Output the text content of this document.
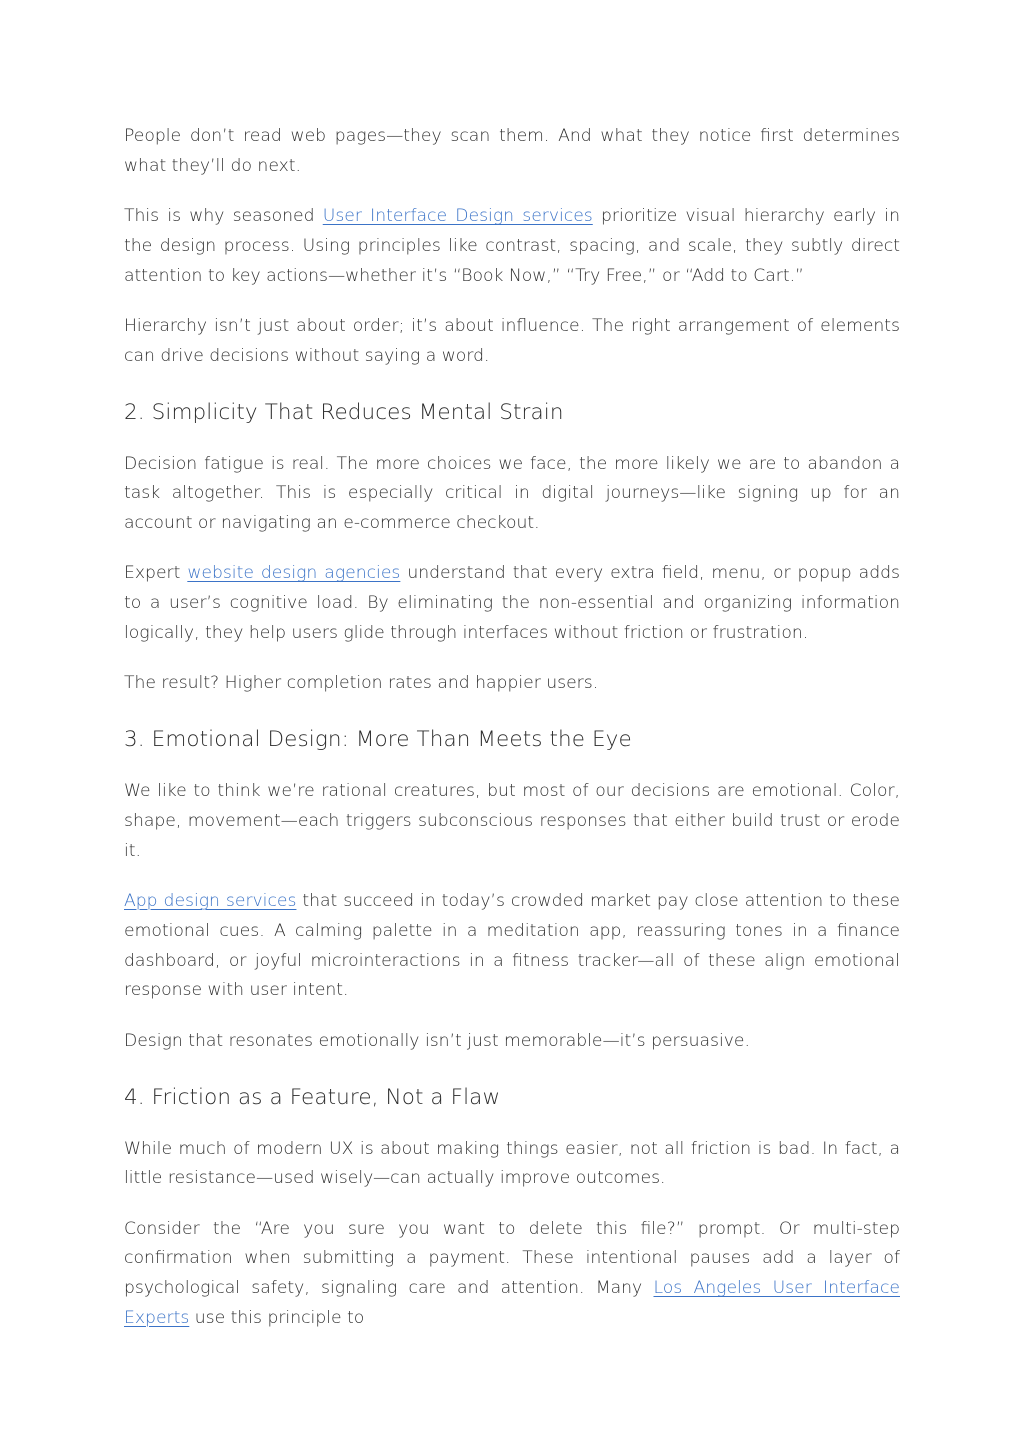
People don’t read web pages—they scan them. And what they notice first determines what they’ll do next.

This is why seasoned User Interface Design services prioritize visual hierarchy early in the design process. Using principles like contrast, spacing, and scale, they subtly direct attention to key actions—whether it’s “Book Now,” “Try Free,” or “Add to Cart.”

Hierarchy isn’t just about order; it’s about influence. The right arrangement of elements can drive decisions without saying a word.

2. Simplicity That Reduces Mental Strain

Decision fatigue is real. The more choices we face, the more likely we are to abandon a task altogether. This is especially critical in digital journeys—like signing up for an account or navigating an e-commerce checkout.

Expert website design agencies understand that every extra field, menu, or popup adds to a user’s cognitive load. By eliminating the non-essential and organizing information logically, they help users glide through interfaces without friction or frustration.

The result? Higher completion rates and happier users.

3. Emotional Design: More Than Meets the Eye

We like to think we’re rational creatures, but most of our decisions are emotional. Color, shape, movement—each triggers subconscious responses that either build trust or erode it.

App design services that succeed in today’s crowded market pay close attention to these emotional cues. A calming palette in a meditation app, reassuring tones in a finance dashboard, or joyful microinteractions in a fitness tracker—all of these align emotional response with user intent.

Design that resonates emotionally isn’t just memorable—it’s persuasive.

4. Friction as a Feature, Not a Flaw

While much of modern UX is about making things easier, not all friction is bad. In fact, a little resistance—used wisely—can actually improve outcomes.

Consider the “Are you sure you want to delete this file?” prompt. Or multi-step confirmation when submitting a payment. These intentional pauses add a layer of psychological safety, signaling care and attention. Many Los Angeles User Interface Experts use this principle to
